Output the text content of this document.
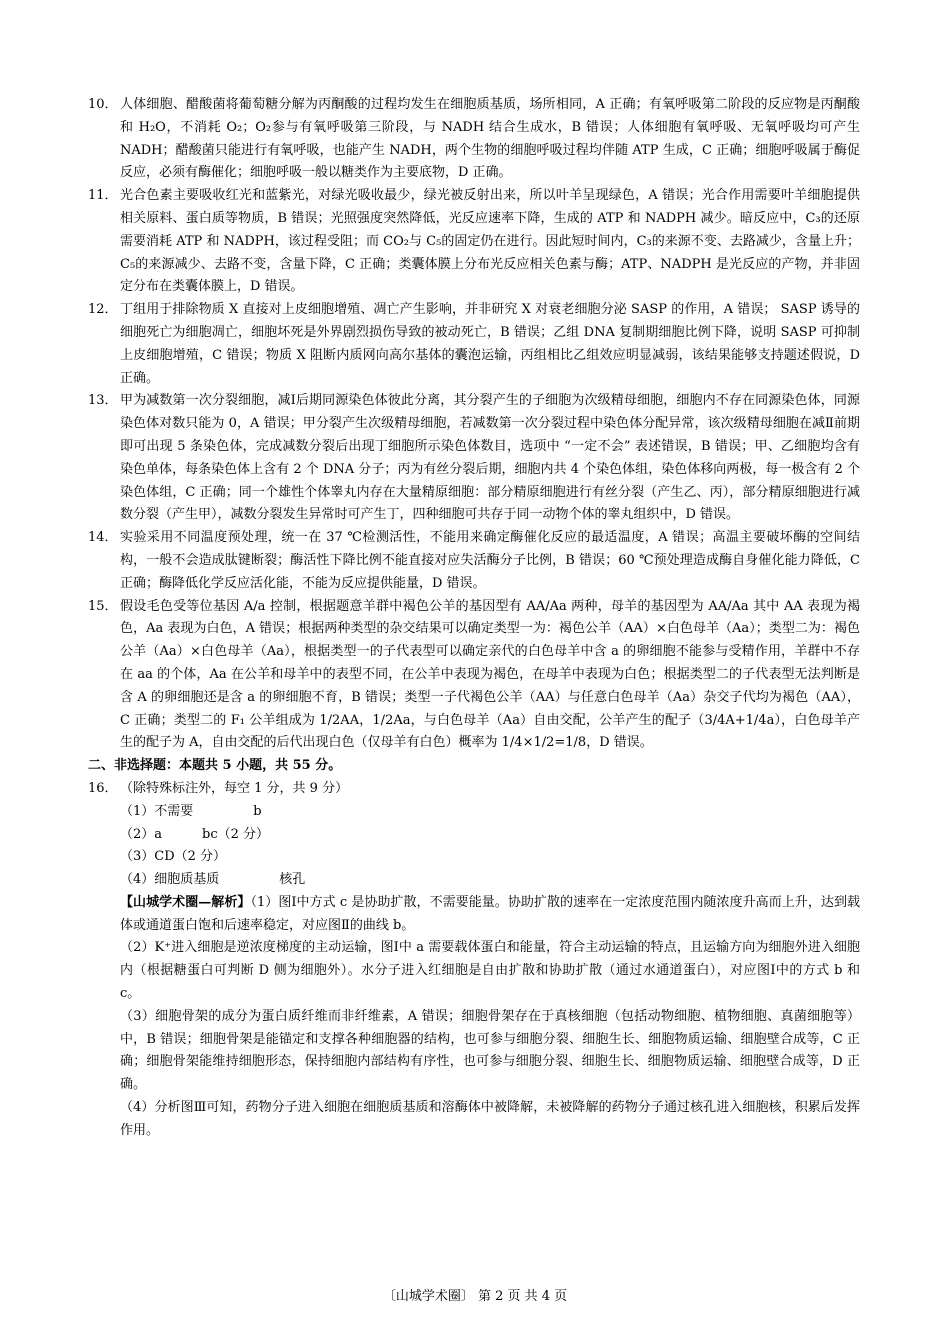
10． 人体细胞、醋酸菌将葡萄糖分解为丙酮酸的过程均发生在细胞质基质，场所相同，A 正确；有氧呼吸第二阶段的反应物是丙酮酸和 H₂O，不消耗 O₂；O₂参与有氧呼吸第三阶段，与 NADH 结合生成水，B 错误；人体细胞有氧呼吸、无氧呼吸均可产生 NADH；醋酸菌只能进行有氧呼吸，也能产生 NADH，两个生物的细胞呼吸过程均伴随 ATP 生成，C 正确；细胞呼吸属于酶促反应，必须有酶催化；细胞呼吸一般以糖类作为主要底物，D 正确。

11． 光合色素主要吸收红光和蓝紫光，对绿光吸收最少，绿光被反射出来，所以叶羊呈现绿色，A 错误；光合作用需要叶羊细胞提供相关原料、蛋白质等物质，B 错误；光照强度突然降低，光反应速率下降，生成的 ATP 和 NADPH 减少。暗反应中，C₃的还原需要消耗 ATP 和 NADPH，该过程受阻；而 CO₂与 C₅的固定仍在进行。因此短时间内，C₃的来源不变、去路减少，含量上升；C₅的来源减少、去路不变，含量下降，C 正确；类囊体膜上分布光反应相关色素与酶；ATP、NADPH 是光反应的产物，并非固定分布在类囊体膜上，D 错误。

12． 丁组用于排除物质 X 直接对上皮细胞增殖、凋亡产生影响，并非研究 X 对衰老细胞分泌 SASP 的作用，A 错误； SASP 诱导的细胞死亡为细胞凋亡，细胞坏死是外界剧烈损伤导致的被动死亡，B 错误；乙组 DNA 复制期细胞比例下降，说明 SASP 可抑制上皮细胞增殖，C 错误；物质 X 阻断内质网向高尔基体的囊泡运输，丙组相比乙组效应明显减弱，该结果能够支持题述假说，D 正确。

13． 甲为减数第一次分裂细胞，减Ⅰ后期同源染色体彼此分离，其分裂产生的子细胞为次级精母细胞，细胞内不存在同源染色体，同源染色体对数只能为 0，A 错误；甲分裂产生次级精母细胞，若减数第一次分裂过程中染色体分配异常，该次级精母细胞在减Ⅱ前期即可出现 5 条染色体，完成减数分裂后出现丁细胞所示染色体数目，选项中 “一定不会” 表述错误，B 错误；甲、乙细胞均含有染色单体，每条染色体上含有 2 个 DNA 分子；丙为有丝分裂后期，细胞内共 4 个染色体组，染色体移向两极，每一极含有 2 个染色体组，C 正确；同一个雄性个体睾丸内存在大量精原细胞：部分精原细胞进行有丝分裂（产生乙、丙），部分精原细胞进行减数分裂（产生甲），减数分裂发生异常时可产生丁，四种细胞可共存于同一动物个体的睾丸组织中，D 错误。

14． 实验采用不同温度预处理，统一在 37 ℃检测活性，不能用来确定酶催化反应的最适温度，A 错误；高温主要破坏酶的空间结构，一般不会造成肽键断裂；酶活性下降比例不能直接对应失活酶分子比例，B 错误；60 ℃预处理造成酶自身催化能力降低，C 正确；酶降低化学反应活化能，不能为反应提供能量，D 错误。

15． 假设毛色受等位基因 A/a 控制，根据题意羊群中褐色公羊的基因型有 AA/Aa 两种，母羊的基因型为 AA/Aa 其中 AA 表现为褐色，Aa 表现为白色，A 错误；根据两种类型的杂交结果可以确定类型一为：褐色公羊（AA）×白色母羊（Aa）；类型二为：褐色公羊（Aa）×白色母羊（Aa），根据类型一的子代表型可以确定亲代的白色母羊中含 a 的卵细胞不能参与受精作用，羊群中不存在 aa 的个体，Aa 在公羊和母羊中的表型不同，在公羊中表现为褐色，在母羊中表现为白色；根据类型二的子代表型无法判断是含 A 的卵细胞还是含 a 的卵细胞不育，B 错误；类型一子代褐色公羊（AA）与任意白色母羊（Aa）杂交子代均为褐色（AA），C 正确；类型二的 F₁ 公羊组成为 1/2AA，1/2Aa，与白色母羊（Aa）自由交配，公羊产生的配子（3/4A+1/4a），白色母羊产生的配子为 A，自由交配的后代出现白色（仅母羊有白色）概率为 1/4×1/2=1/8，D 错误。

二、非选择题：本题共 5 小题，共 55 分。

16． （除特殊标注外，每空 1 分，共 9 分）

（1）不需要	b

（2）a	bc（2 分）

（3）CD（2 分）

（4）细胞质基质	核孔

【山城学术圈—解析】（1）图Ⅰ中方式 c 是协助扩散，不需要能量。协助扩散的速率在一定浓度范围内随浓度升高而上升，达到载体或通道蛋白饱和后速率稳定，对应图Ⅱ的曲线 b。

（2）K⁺进入细胞是逆浓度梯度的主动运输，图Ⅰ中 a 需要载体蛋白和能量，符合主动运输的特点，且运输方向为细胞外进入细胞内（根据糖蛋白可判断 D 侧为细胞外）。水分子进入红细胞是自由扩散和协助扩散（通过水通道蛋白），对应图Ⅰ中的方式 b 和 c。

（3）细胞骨架的成分为蛋白质纤维而非纤维素，A 错误；细胞骨架存在于真核细胞（包括动物细胞、植物细胞、真菌细胞等）中，B 错误；细胞骨架是能锚定和支撑各种细胞器的结构，也可参与细胞分裂、细胞生长、细胞物质运输、细胞壁合成等，C 正确；细胞骨架能维持细胞形态，保持细胞内部结构有序性，也可参与细胞分裂、细胞生长、细胞物质运输、细胞壁合成等，D 正确。

（4）分析图Ⅲ可知，药物分子进入细胞在细胞质基质和溶酶体中被降解，未被降解的药物分子通过核孔进入细胞核，积累后发挥作用。

〔山城学术圈〕 第 2 页 共 4 页
